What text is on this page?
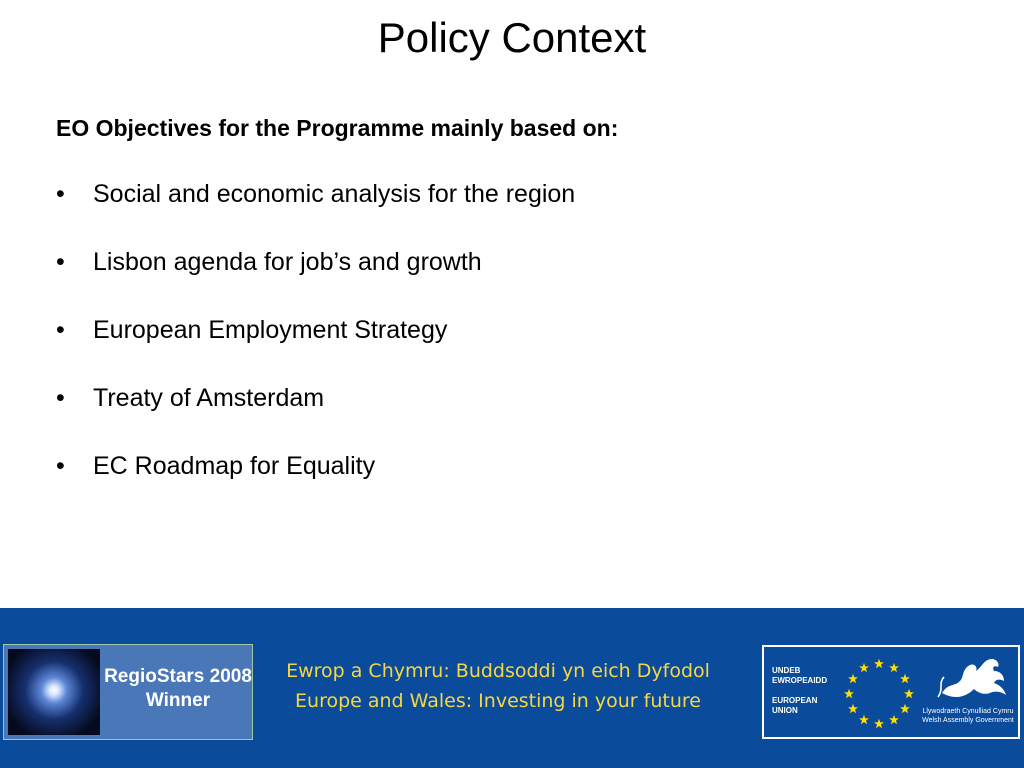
Policy Context
EO Objectives for the Programme mainly based on:
•	Social and economic analysis for the region
•	Lisbon agenda for job’s and growth
•	European Employment Strategy
•	Treaty of Amsterdam
•	EC Roadmap for Equality
RegioStars 2008
Winner
Ewrop a Chymru: Buddsoddi yn eich Dyfodol
Europe and Wales: Investing in your future
UNDEB
EWROPEAIDD
EUROPEAN
UNION	Llywodraeth Cynulliad Cymru
Welsh Assembly Government
